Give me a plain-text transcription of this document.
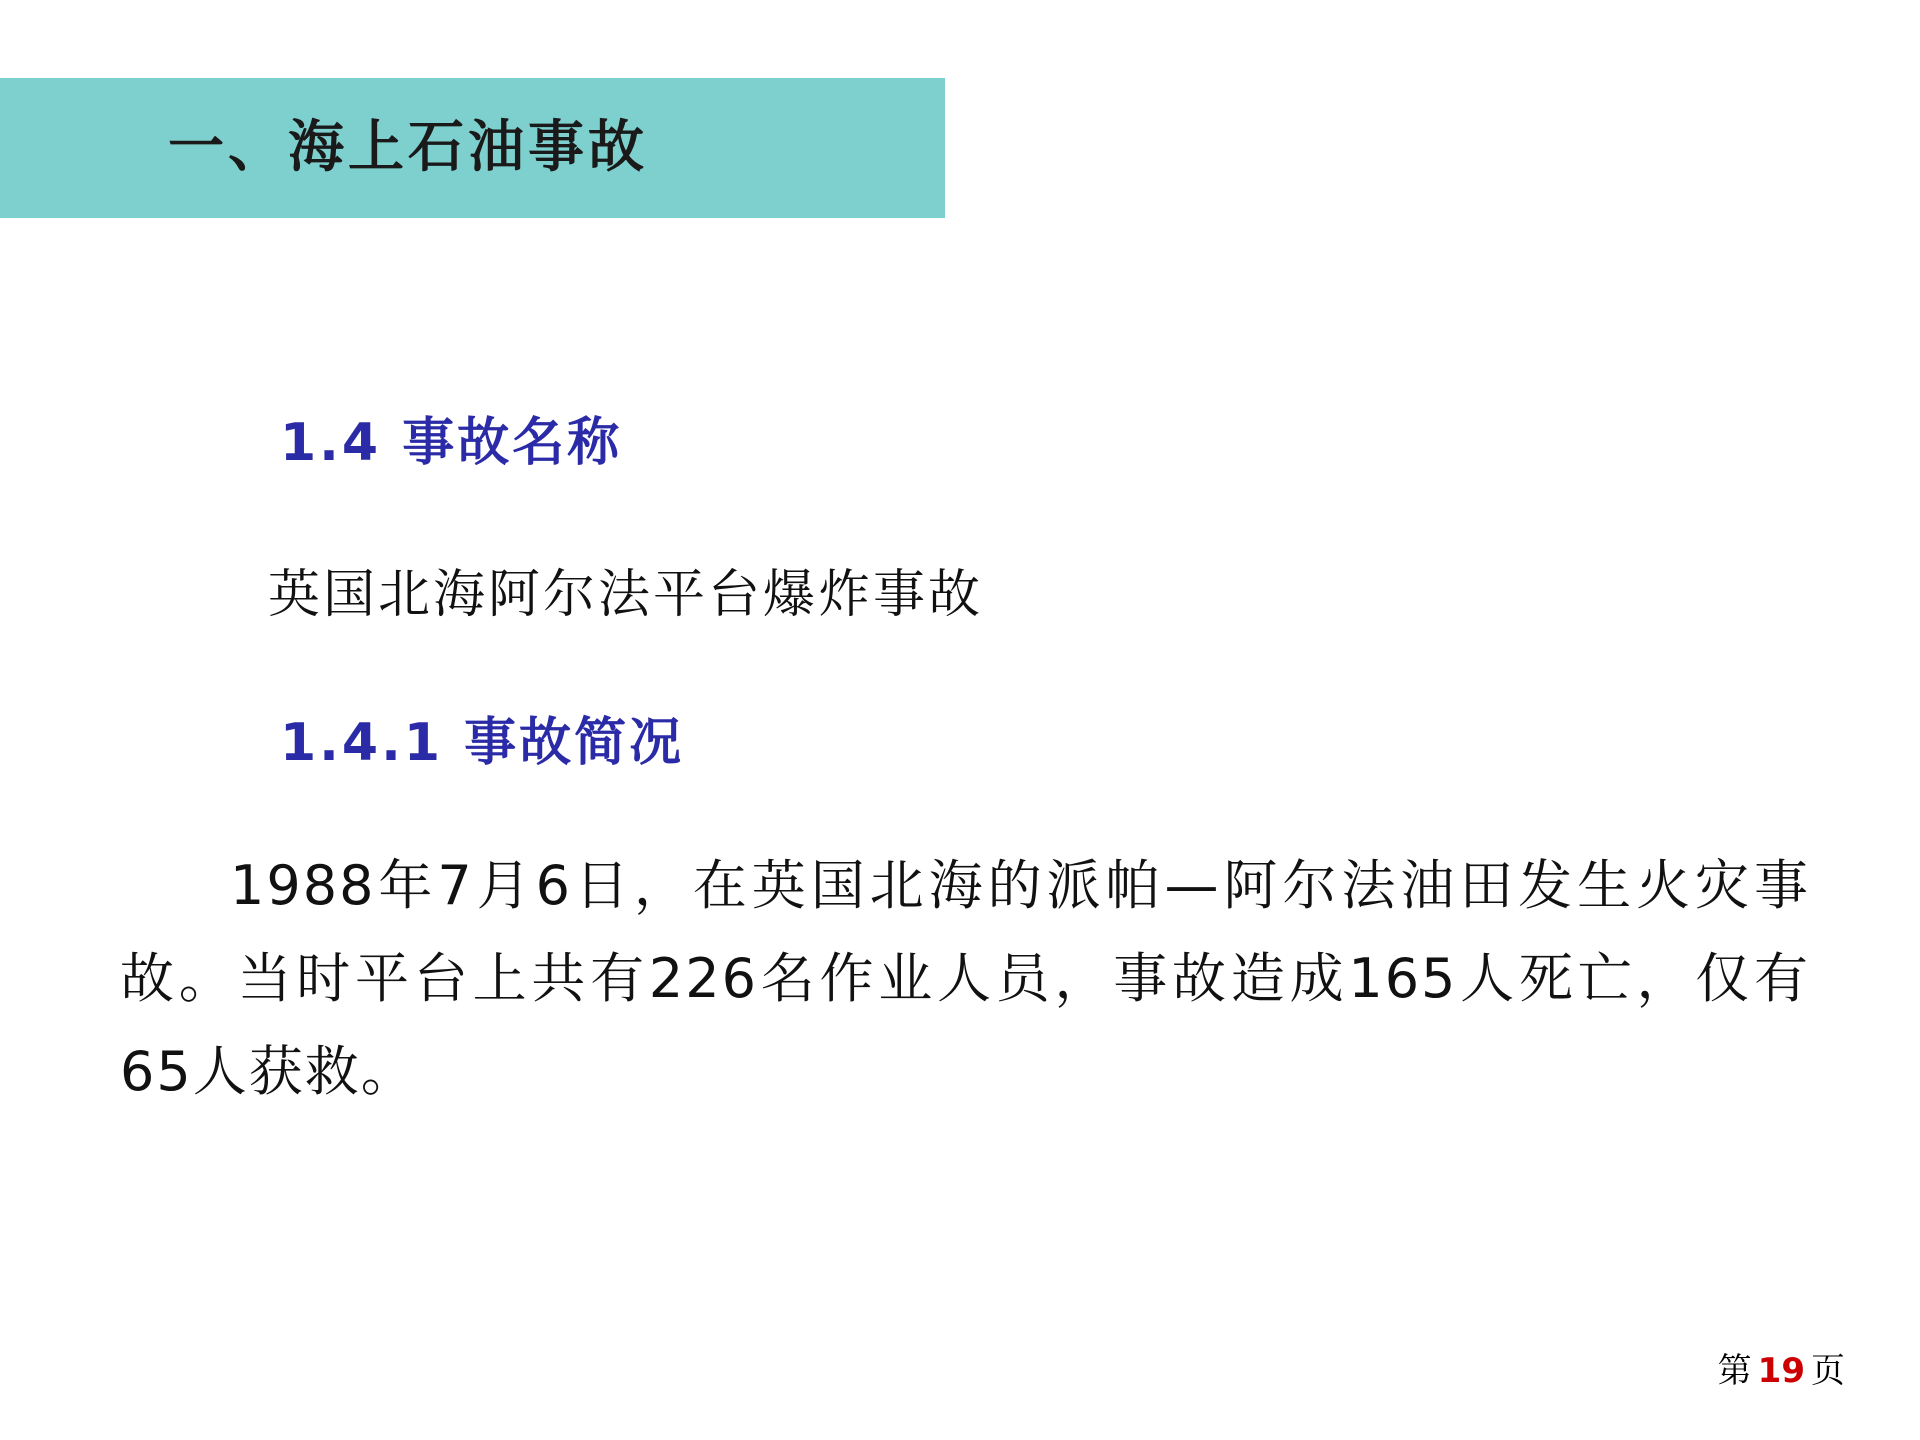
一、海上石油事故
1.4 事故名称
英国北海阿尔法平台爆炸事故
1.4.1 事故简况
1988年7月6日，在英国北海的派帕—阿尔法油田发生火灾事故。当时平台上共有226名作业人员，事故造成165人死亡，仅有65人获救。
第 19 页
